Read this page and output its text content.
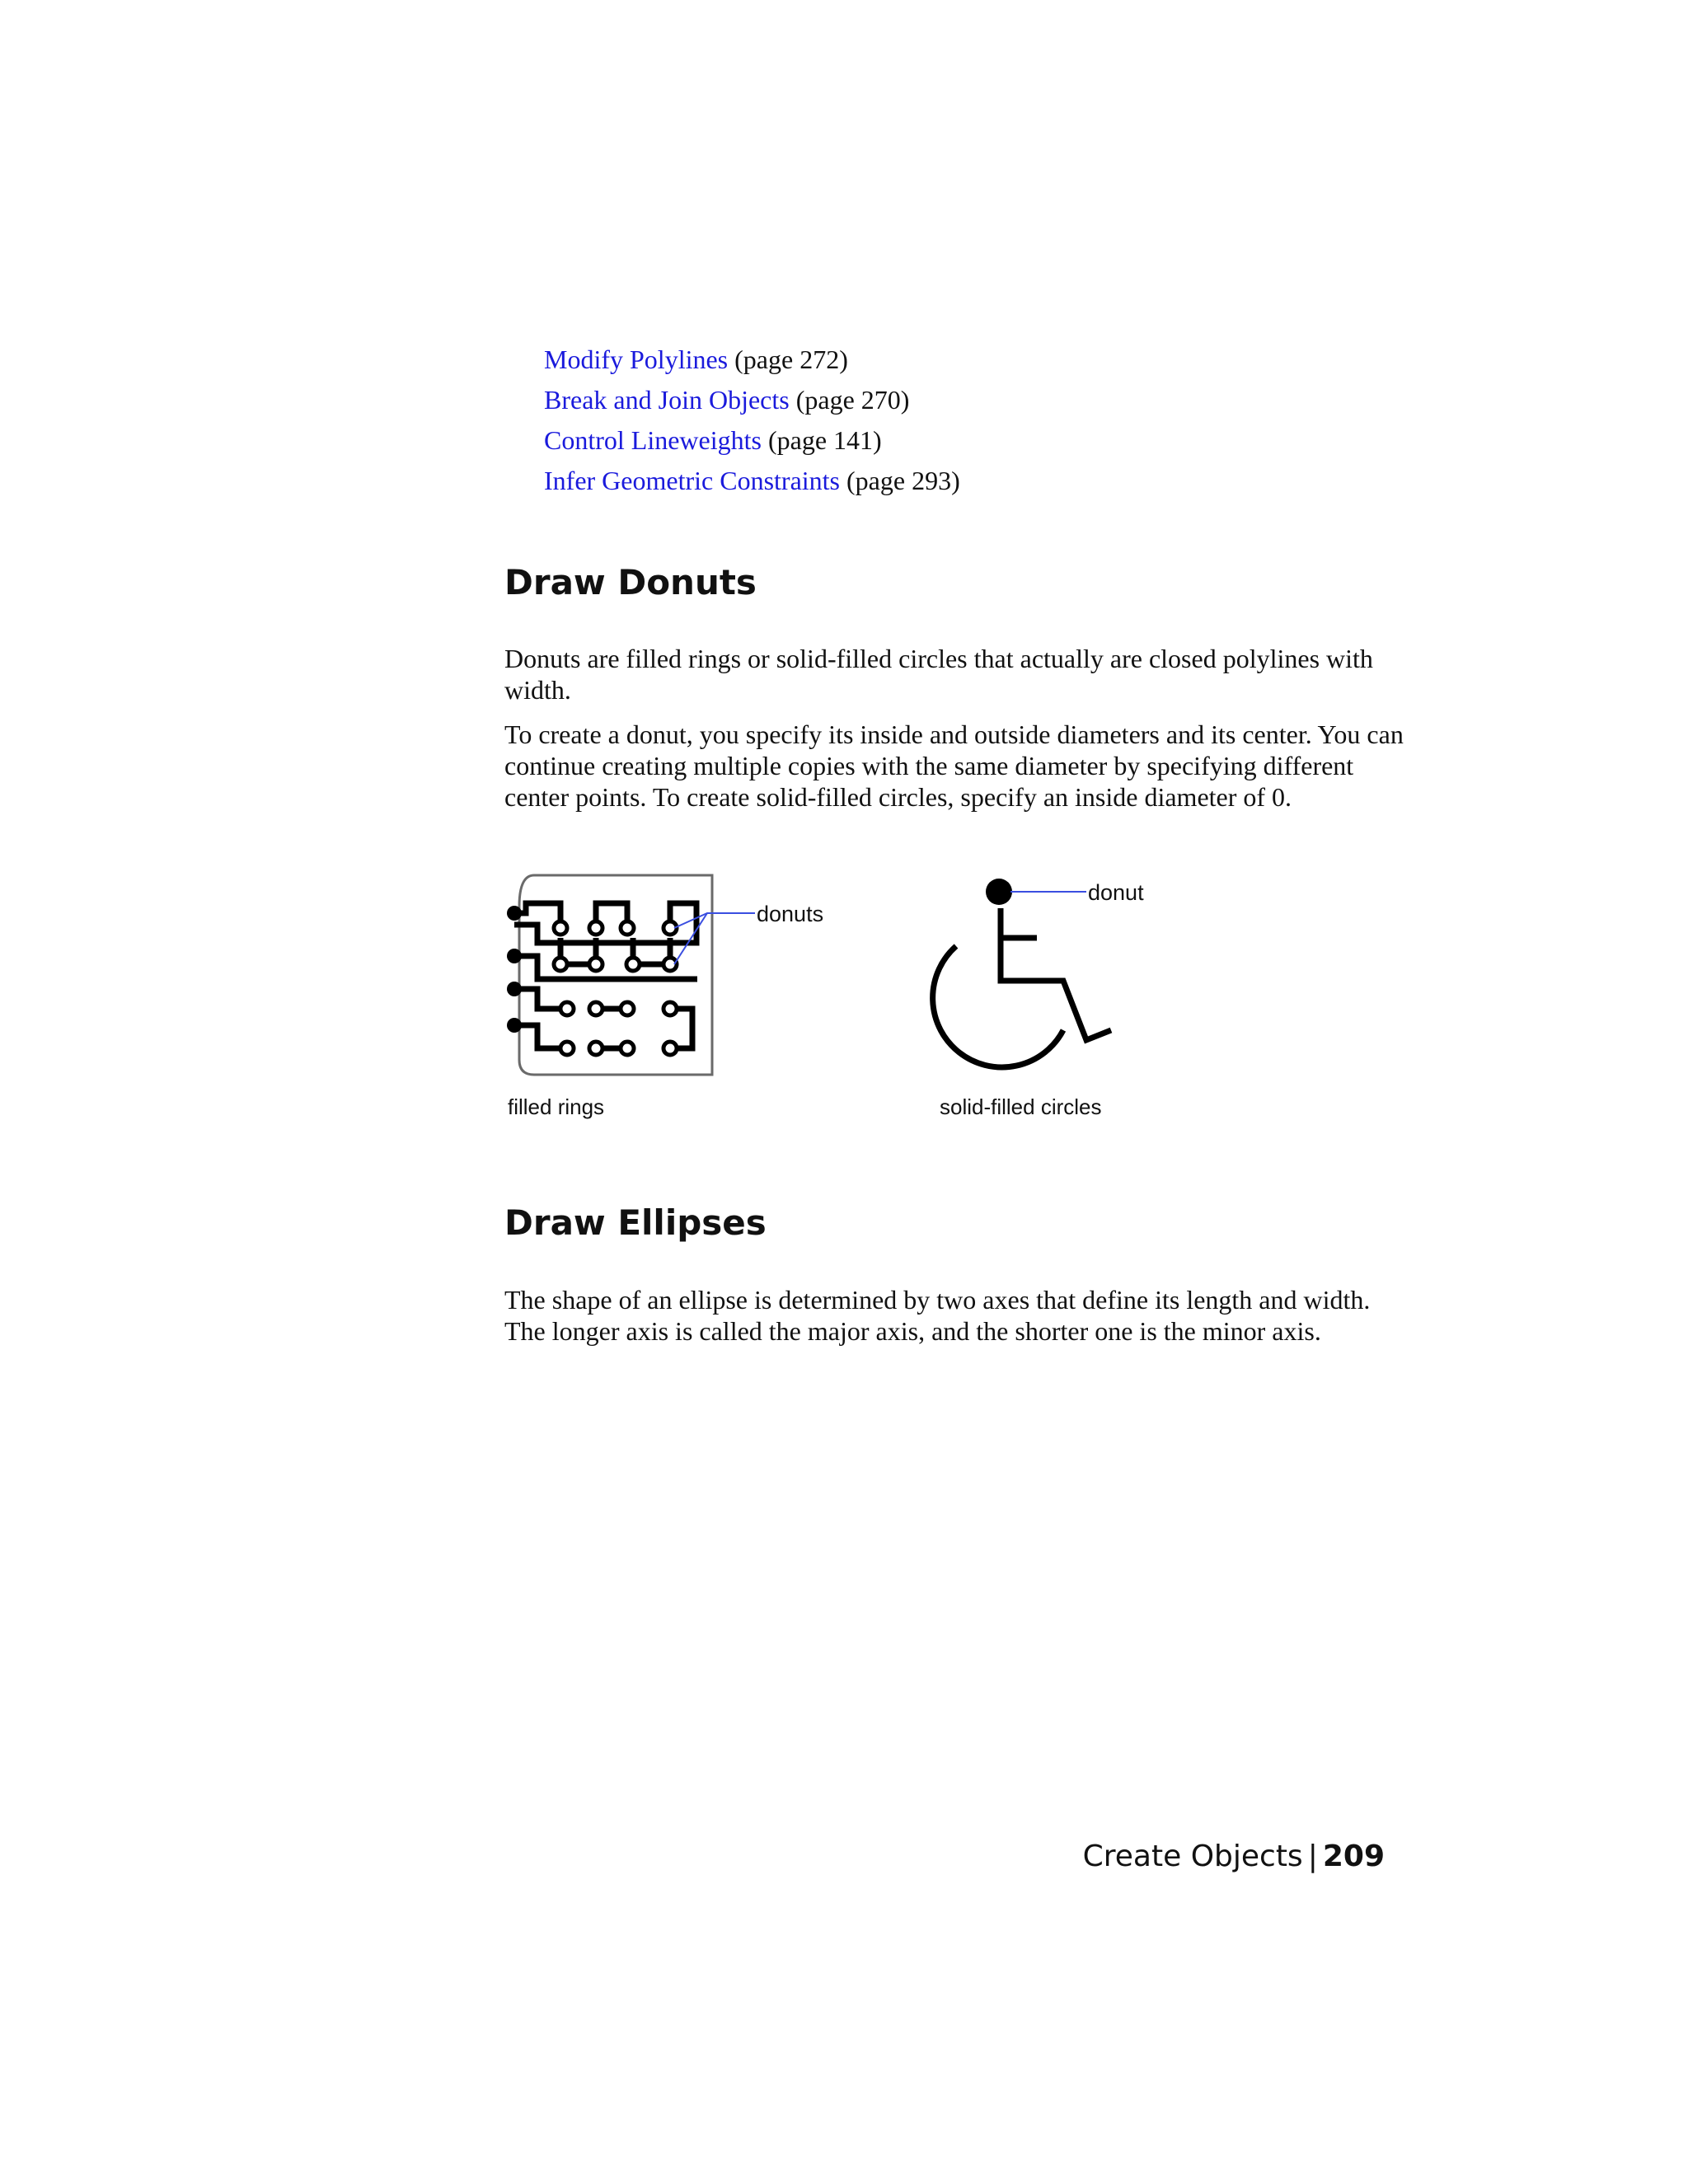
Modify Polylines (page 272)
Break and Join Objects (page 270)
Control Lineweights (page 141)
Infer Geometric Constraints (page 293)
Draw Donuts

Donuts are filled rings or solid-filled circles that actually are closed polylines with width.

To create a donut, you specify its inside and outside diameters and its center. You can continue creating multiple copies with the same diameter by specifying different center points. To create solid-filled circles, specify an inside diameter of 0.

donuts
filled rings
donut
solid-filled circles
Draw Ellipses

The shape of an ellipse is determined by two axes that define its length and width. The longer axis is called the major axis, and the shorter one is the minor axis.

Create Objects | 209
